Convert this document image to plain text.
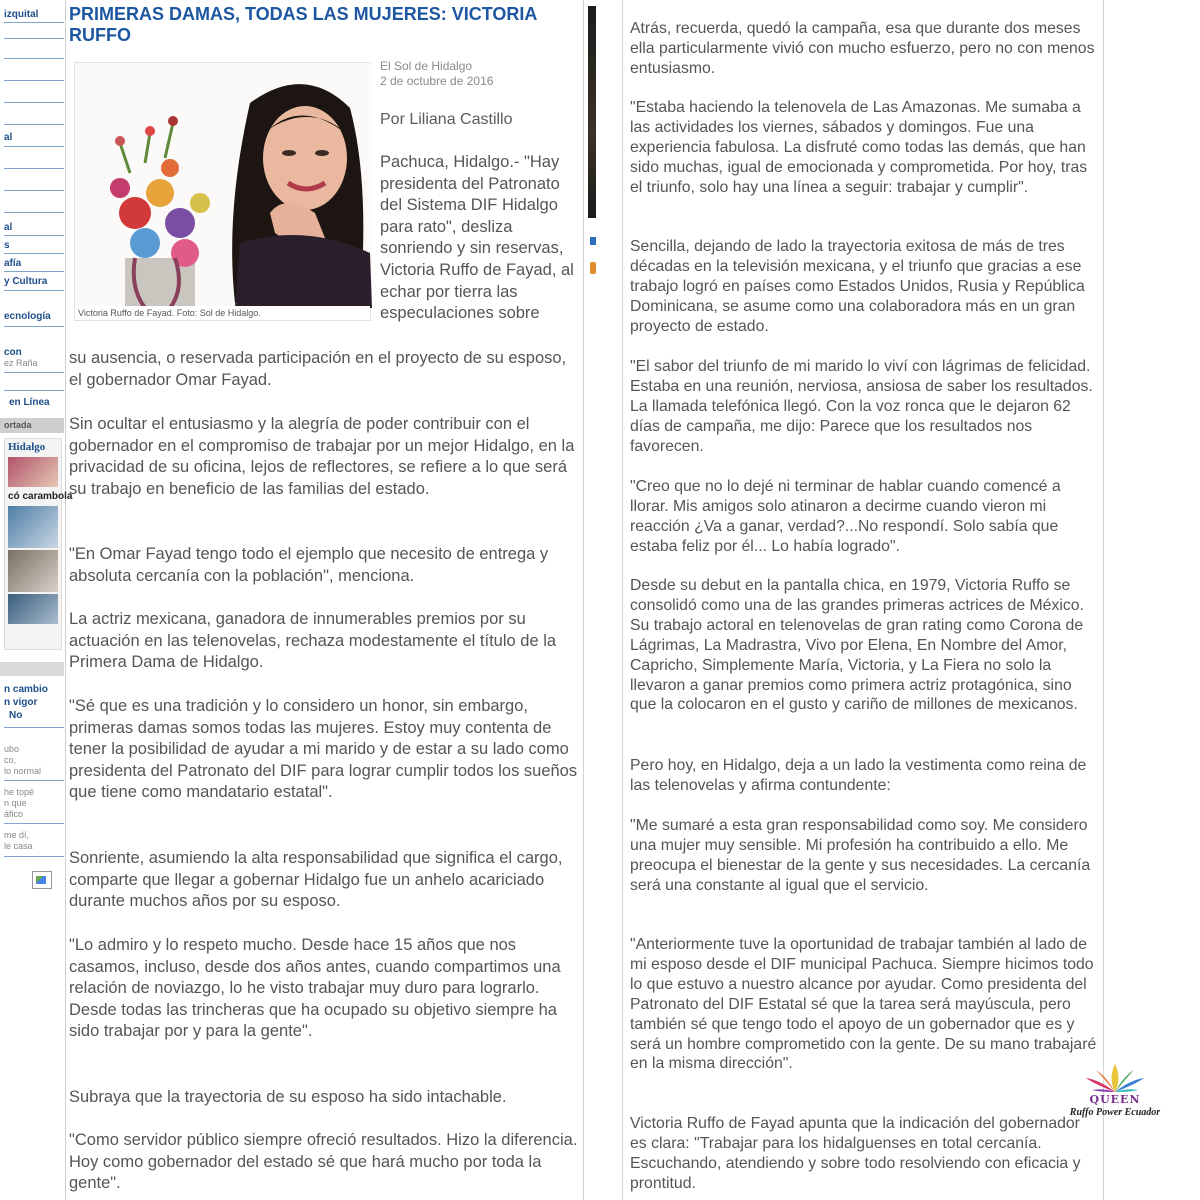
izquital
al
al
s
afía
y Cultura
ecnología
con
ez Raña
en Línea
ortada
Hidalgo
có carambola
n cambio
n vigor
No
ubo
co,
lo normal
he topé
n que
áfico
me dí,
le casa
PRIMERAS DAMAS, TODAS LAS MUJERES: VICTORIA RUFFO
Victoria Ruffo de Fayad. Foto: Sol de Hidalgo.
El Sol de Hidalgo
2 de octubre de 2016
Por Liliana Castillo

Pachuca, Hidalgo.- "Hay presidenta del Patronato del Sistema DIF Hidalgo para rato", desliza sonriendo y sin reservas, Victoria Ruffo de Fayad, al echar por tierra las especulaciones sobre

su ausencia, o reservada participación en el proyecto de su esposo, el gobernador Omar Fayad.

Sin ocultar el entusiasmo y la alegría de poder contribuir con el gobernador en el compromiso de trabajar por un mejor Hidalgo, en la privacidad de su oficina, lejos de reflectores, se refiere a lo que será su trabajo en beneficio de las familias del estado.

"En Omar Fayad tengo todo el ejemplo que necesito de entrega y absoluta cercanía con la población", menciona.

La actriz mexicana, ganadora de innumerables premios por su actuación en las telenovelas, rechaza modestamente el título de la Primera Dama de Hidalgo.

"Sé que es una tradición y lo considero un honor, sin embargo, primeras damas somos todas las mujeres. Estoy muy contenta de tener la posibilidad de ayudar a mi marido y de estar a su lado como presidenta del Patronato del DIF para lograr cumplir todos los sueños que tiene como mandatario estatal".

Sonriente, asumiendo la alta responsabilidad que significa el cargo, comparte que llegar a gobernar Hidalgo fue un anhelo acariciado durante muchos años por su esposo.

"Lo admiro y lo respeto mucho. Desde hace 15 años que nos casamos, incluso, desde dos años antes, cuando compartimos una relación de noviazgo, lo he visto trabajar muy duro para lograrlo. Desde todas las trincheras que ha ocupado su objetivo siempre ha sido trabajar por y para la gente".

Subraya que la trayectoria de su esposo ha sido intachable.

"Como servidor público siempre ofreció resultados. Hizo la diferencia. Hoy como gobernador del estado sé que hará mucho por toda la gente".

Atrás, recuerda, quedó la campaña, esa que durante dos meses ella particularmente vivió con mucho esfuerzo, pero no con menos entusiasmo.

"Estaba haciendo la telenovela de Las Amazonas. Me sumaba a las actividades los viernes, sábados y domingos. Fue una experiencia fabulosa. La disfruté como todas las demás, que han sido muchas, igual de emocionada y comprometida. Por hoy, tras el triunfo, solo hay una línea a seguir: trabajar y cumplir".

Sencilla, dejando de lado la trayectoria exitosa de más de tres décadas en la televisión mexicana, y el triunfo que gracias a ese trabajo logró en países como Estados Unidos, Rusia y República Dominicana, se asume como una colaboradora más en un gran proyecto de estado.

"El sabor del triunfo de mi marido lo viví con lágrimas de felicidad. Estaba en una reunión, nerviosa, ansiosa de saber los resultados. La llamada telefónica llegó. Con la voz ronca que le dejaron 62 días de campaña, me dijo: Parece que los resultados nos favorecen.

"Creo que no lo dejé ni terminar de hablar cuando comencé a llorar. Mis amigos solo atinaron a decirme cuando vieron mi reacción ¿Va a ganar, verdad?...No respondí. Solo sabía que estaba feliz por él... Lo había logrado".

Desde su debut en la pantalla chica, en 1979, Victoria Ruffo se consolidó como una de las grandes primeras actrices de México. Su trabajo actoral en telenovelas de gran rating como Corona de Lágrimas, La Madrastra, Vivo por Elena, En Nombre del Amor, Capricho, Simplemente María, Victoria, y La Fiera no solo la llevaron a ganar premios como primera actriz protagónica, sino que la colocaron en el gusto y cariño de millones de mexicanos.

Pero hoy, en Hidalgo, deja a un lado la vestimenta como reina de las telenovelas y afirma contundente:

"Me sumaré a esta gran responsabilidad como soy. Me considero una mujer muy sensible. Mi profesión ha contribuido a ello. Me preocupa el bienestar de la gente y sus necesidades. La cercanía será una constante al igual que el servicio.

"Anteriormente tuve la oportunidad de trabajar también al lado de mi esposo desde el DIF municipal Pachuca. Siempre hicimos todo lo que estuvo a nuestro alcance por ayudar. Como presidenta del Patronato del DIF Estatal sé que la tarea será mayúscula, pero también sé que tengo todo el apoyo de un gobernador que es y será un hombre comprometido con la gente. De su mano trabajaré en la misma dirección".

Victoria Ruffo de Fayad apunta que la indicación del gobernador es clara: "Trabajar para los hidalguenses en total cercanía. Escuchando, atendiendo y sobre todo resolviendo con eficacia y prontitud.

QUEEN
Ruffo Power Ecuador
